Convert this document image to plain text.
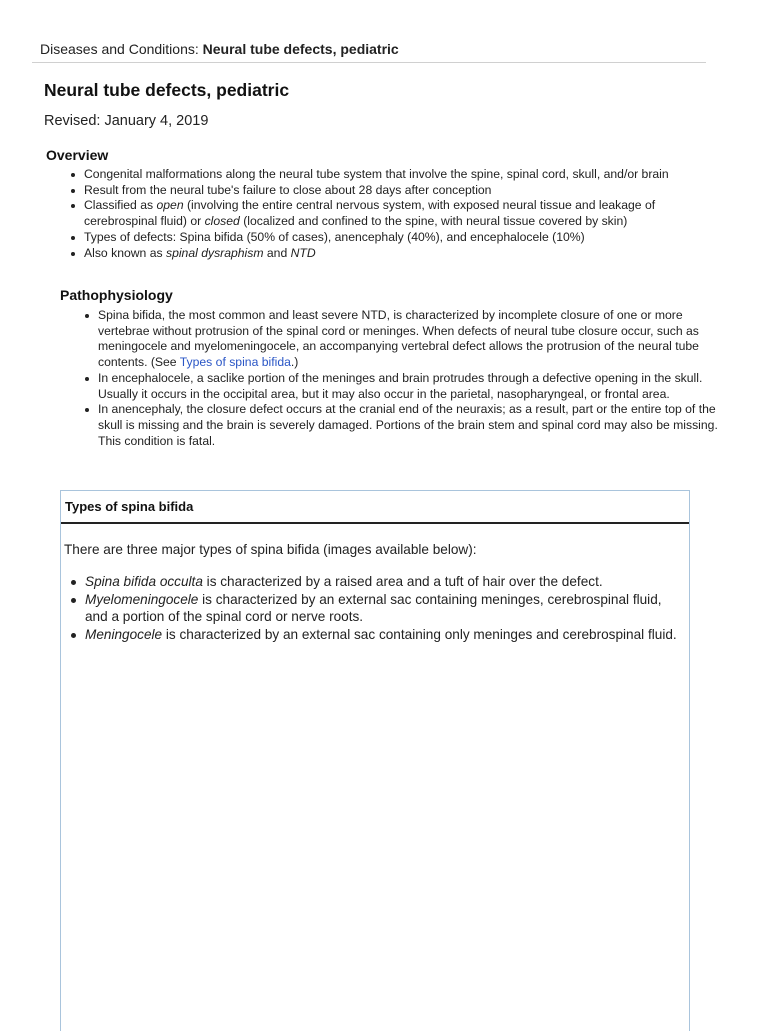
Diseases and Conditions: Neural tube defects, pediatric
Neural tube defects, pediatric
Revised: January 4, 2019
Overview
Congenital malformations along the neural tube system that involve the spine, spinal cord, skull, and/or brain
Result from the neural tube's failure to close about 28 days after conception
Classified as open (involving the entire central nervous system, with exposed neural tissue and leakage of cerebrospinal fluid) or closed (localized and confined to the spine, with neural tissue covered by skin)
Types of defects: Spina bifida (50% of cases), anencephaly (40%), and encephalocele (10%)
Also known as spinal dysraphism and NTD
Pathophysiology
Spina bifida, the most common and least severe NTD, is characterized by incomplete closure of one or more vertebrae without protrusion of the spinal cord or meninges. When defects of neural tube closure occur, such as meningocele and myelomeningocele, an accompanying vertebral defect allows the protrusion of the neural tube contents. (See Types of spina bifida.)
In encephalocele, a saclike portion of the meninges and brain protrudes through a defective opening in the skull. Usually it occurs in the occipital area, but it may also occur in the parietal, nasopharyngeal, or frontal area.
In anencephaly, the closure defect occurs at the cranial end of the neuraxis; as a result, part or the entire top of the skull is missing and the brain is severely damaged. Portions of the brain stem and spinal cord may also be missing. This condition is fatal.
Types of spina bifida

There are three major types of spina bifida (images available below):

Spina bifida occulta is characterized by a raised area and a tuft of hair over the defect.
Myelomeningocele is characterized by an external sac containing meninges, cerebrospinal fluid, and a portion of the spinal cord or nerve roots.
Meningocele is characterized by an external sac containing only meninges and cerebrospinal fluid.
